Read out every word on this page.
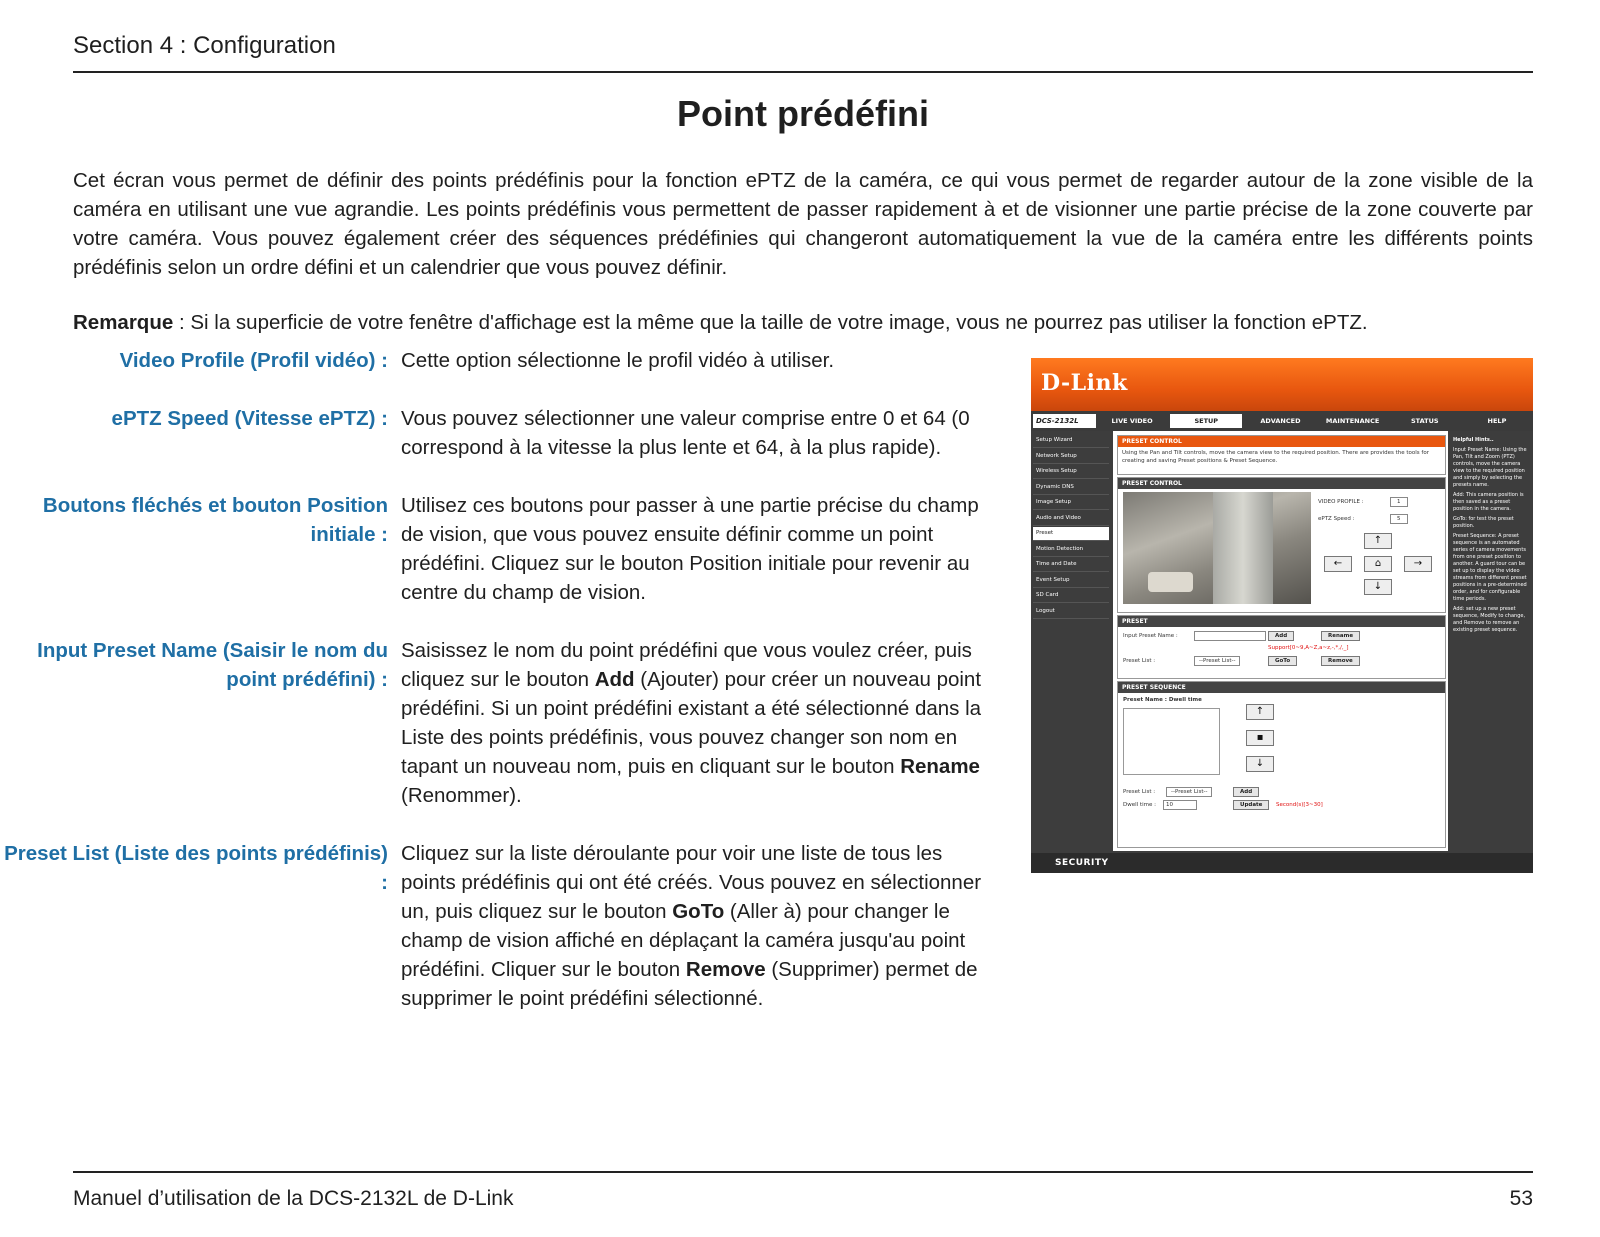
Section 4 : Configuration
Point prédéfini
Cet écran vous permet de définir des points prédéfinis pour la fonction ePTZ de la caméra, ce qui vous permet de regarder autour de la zone visible de la caméra en utilisant une vue agrandie. Les points prédéfinis vous permettent de passer rapidement à et de visionner une partie précise de la zone couverte par votre caméra. Vous pouvez également créer des séquences prédéfinies qui changeront automatiquement la vue de la caméra entre les différents points prédéfinis selon un ordre défini et un calendrier que vous pouvez définir.
Remarque : Si la superficie de votre fenêtre d'affichage est la même que la taille de votre image, vous ne pourrez pas utiliser la fonction ePTZ.
Video Profile (Profil vidéo) : Cette option sélectionne le profil vidéo à utiliser.
ePTZ Speed (Vitesse ePTZ) : Vous pouvez sélectionner une valeur comprise entre 0 et 64 (0 correspond à la vitesse la plus lente et 64, à la plus rapide).
Boutons fléchés et bouton Position initiale :
Utilisez ces boutons pour passer à une partie précise du champ de vision, que vous pouvez ensuite définir comme un point prédéfini. Cliquez sur le bouton Position initiale pour revenir au centre du champ de vision.
Input Preset Name (Saisir le nom du point prédéfini) :
Saisissez le nom du point prédéfini que vous voulez créer, puis cliquez sur le bouton Add (Ajouter) pour créer un nouveau point prédéfini. Si un point prédéfini existant a été sélectionné dans la Liste des points prédéfinis, vous pouvez changer son nom en tapant un nouveau nom, puis en cliquant sur le bouton Rename (Renommer).
Preset List (Liste des points prédéfinis) :
Cliquez sur la liste déroulante pour voir une liste de tous les points prédéfinis qui ont été créés. Vous pouvez en sélectionner un, puis cliquez sur le bouton GoTo (Aller à) pour changer le champ de vision affiché en déplaçant la caméra jusqu'au point prédéfini. Cliquer sur le bouton Remove (Supprimer) permet de supprimer le point prédéfini sélectionné.
D-Link
DCS-2132L	LIVE VIDEO	SETUP	ADVANCED	MAINTENANCE	STATUS	HELP
Setup Wizard
Network Setup
Wireless Setup
Dynamic DNS
Image Setup
Audio and Video
Preset
Motion Detection
Time and Date
Event Setup
SD Card
Logout
PRESET CONTROL
Using the Pan and Tilt controls, move the camera view to the required position. There are provides the tools for creating and saving Preset positions & Preset Sequence.
PRESET CONTROL
VIDEO PROFILE :	1
ePTZ Speed :	5
↑
←	⌂	→
↓
PRESET
Input Preset Name :	Add	Rename
Support[0~9,A~Z,a~z,-,*,/,_]
Preset List :	--Preset List--	GoTo	Remove
PRESET SEQUENCE
Preset Name : Dwell time
↑
▪
↓
Preset List :	--Preset List--	Add
Dwell time :	10	Update	Second(s)[3~30]
Helpful Hints..
Input Preset Name: Using the Pan, Tilt and Zoom (PTZ) controls, move the camera view to the required position and simply by selecting the presets name.
Add: This camera position is then saved as a preset position in the camera.
GoTo: for test the preset position.
Preset Sequence: A preset sequence is an automated series of camera movements from one preset position to another. A guard tour can be set up to display the video streams from different preset positions in a pre-determined order, and for configurable time periods.
Add: set up a new preset sequence, Modify to change, and Remove to remove an existing preset sequence.
SECURITY
Manuel d’utilisation de la DCS-2132L de D-Link	53
